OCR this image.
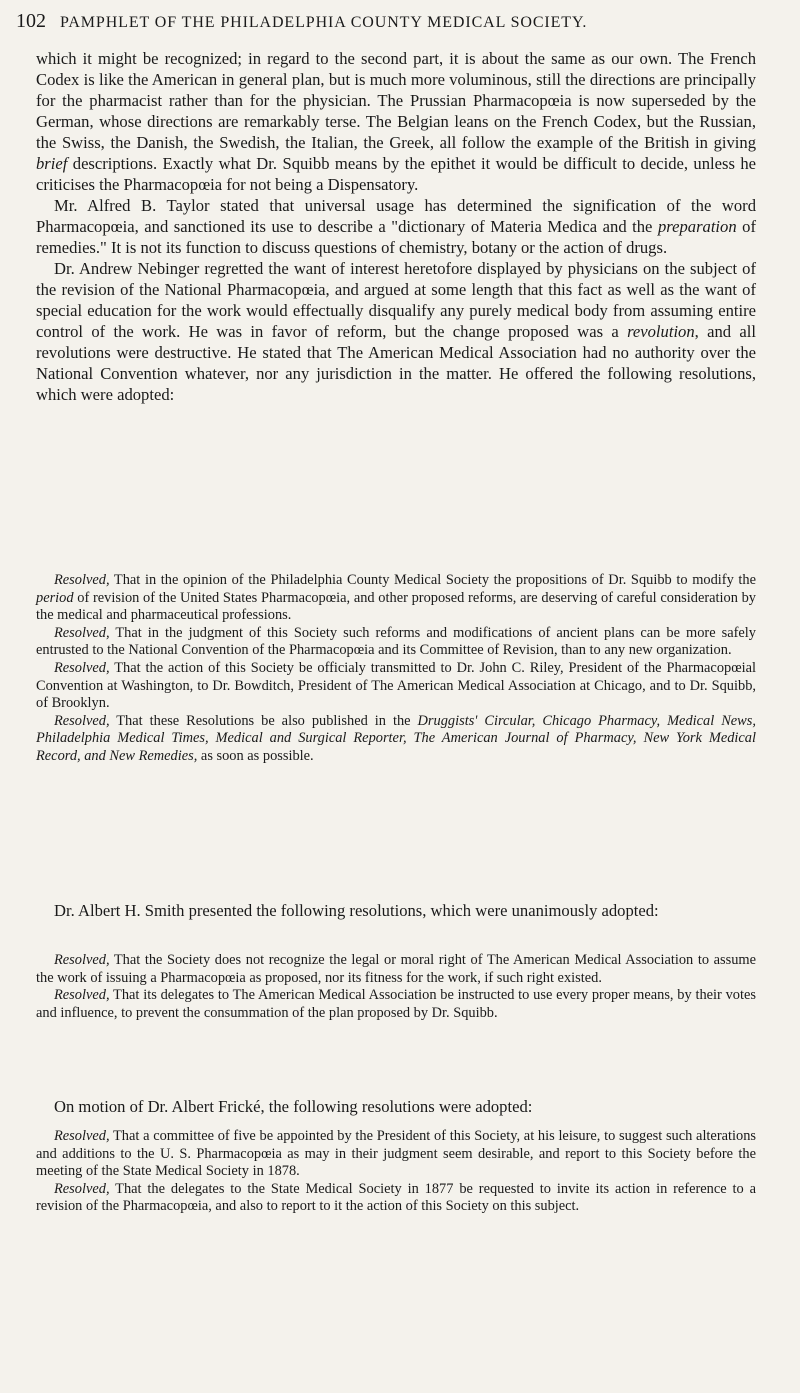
102 PAMPHLET OF THE PHILADELPHIA COUNTY MEDICAL SOCIETY.

which it might be recognized; in regard to the second part, it is about the same as our own. The French Codex is like the American in general plan, but is much more voluminous, still the directions are principally for the pharmacist rather than for the physician. The Prussian Pharmacopœia is now superseded by the German, whose directions are remarkably terse. The Belgian leans on the French Codex, but the Russian, the Swiss, the Danish, the Swedish, the Italian, the Greek, all follow the example of the British in giving brief descriptions. Exactly what Dr. Squibb means by the epithet it would be difficult to decide, unless he criticises the Pharmacopœia for not being a Dispensatory.

Mr. Alfred B. Taylor stated that universal usage has determined the signification of the word Pharmacopœia, and sanctioned its use to describe a "dictionary of Materia Medica and the preparation of remedies." It is not its function to discuss questions of chemistry, botany or the action of drugs.

Dr. Andrew Nebinger regretted the want of interest heretofore displayed by physicians on the subject of the revision of the National Pharmacopœia, and argued at some length that this fact as well as the want of special education for the work would effectually disqualify any purely medical body from assuming entire control of the work. He was in favor of reform, but the change proposed was a revolution, and all revolutions were destructive. He stated that The American Medical Association had no authority over the National Convention whatever, nor any jurisdiction in the matter. He offered the following resolutions, which were adopted:

Resolved, That in the opinion of the Philadelphia County Medical Society the propositions of Dr. Squibb to modify the period of revision of the United States Pharmacopœia, and other proposed reforms, are deserving of careful consideration by the medical and pharmaceutical professions.

Resolved, That in the judgment of this Society such reforms and modifications of ancient plans can be more safely entrusted to the National Convention of the Pharmacopœia and its Committee of Revision, than to any new organization.

Resolved, That the action of this Society be officialy transmitted to Dr. John C. Riley, President of the Pharmacopœial Convention at Washington, to Dr. Bowditch, President of The American Medical Association at Chicago, and to Dr. Squibb, of Brooklyn.

Resolved, That these Resolutions be also published in the Druggists' Circular, Chicago Pharmacy, Medical News, Philadelphia Medical Times, Medical and Surgical Reporter, The American Journal of Pharmacy, New York Medical Record, and New Remedies, as soon as possible.

Dr. Albert H. Smith presented the following resolutions, which were unanimously adopted:

Resolved, That the Society does not recognize the legal or moral right of The American Medical Association to assume the work of issuing a Pharmacopœia as proposed, nor its fitness for the work, if such right existed.

Resolved, That its delegates to The American Medical Association be instructed to use every proper means, by their votes and influence, to prevent the consummation of the plan proposed by Dr. Squibb.

On motion of Dr. Albert Frické, the following resolutions were adopted:

Resolved, That a committee of five be appointed by the President of this Society, at his leisure, to suggest such alterations and additions to the U. S. Pharmacopœia as may in their judgment seem desirable, and report to this Society before the meeting of the State Medical Society in 1878.

Resolved, That the delegates to the State Medical Society in 1877 be requested to invite its action in reference to a revision of the Pharmacopœia, and also to report to it the action of this Society on this subject.
